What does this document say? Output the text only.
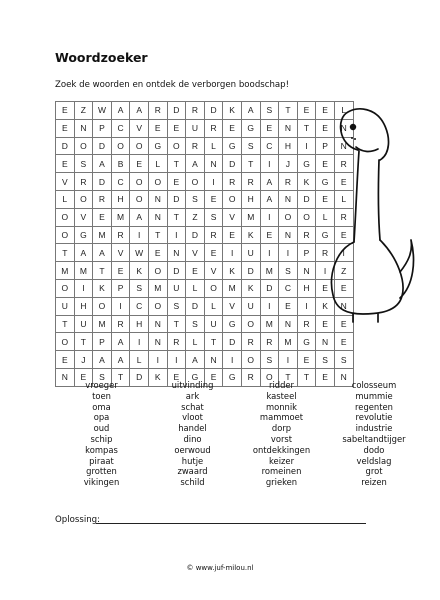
Woordzoeker
Zoek de woorden en ontdek de verborgen boodschap!
E	Z	W	A	A	R	D	R	D	K	A	S	T	E	E	L
E	N	P	C	V	E	E	U	R	E	G	E	N	T	E	N
D	O	D	O	O	G	O	R	L	G	S	C	H	I	P	N
E	S	A	B	E	L	T	A	N	D	T	I	J	G	E	R
V	R	D	C	O	O	E	O	I	R	R	A	R	K	G	E
L	O	R	H	O	N	D	S	E	O	H	A	N	D	E	L
O	V	E	M	A	N	T	Z	S	V	M	I	O	O	L	R
O	G	M	R	I	T	I	D	R	E	K	E	N	R	G	E
T	A	A	V	W	E	N	V	E	I	U	I	I	P	R	I
M	M	T	E	K	O	D	E	V	K	D	M	S	N	I	Z
O	I	K	P	S	M	U	L	O	M	K	D	C	H	E	E
U	H	O	I	C	O	S	D	L	V	U	I	E	I	K	N
T	U	M	R	H	N	T	S	U	G	O	M	N	R	E	E
O	T	P	A	I	N	R	L	T	D	R	R	M	G	N	E
E	J	A	A	L	I	I	A	N	I	O	S	I	E	S	S
N	E	S	T	D	K	E	G	E	G	R	O	T	T	E	N
vroeger
toen
oma
opa
oud
schip
kompas
piraat
grotten
vikingen
uitvinding
ark
schat
vloot
handel
dino
oerwoud
hutje
zwaard
schild
ridder
kasteel
monnik
mammoet
dorp
vorst
ontdekkingen
keizer
romeinen
grieken
colosseum
mummie
regenten
revolutie
industrie
sabeltandtijger
dodo
veldslag
grot
reizen
Oplossing:
© www.juf-milou.nl
